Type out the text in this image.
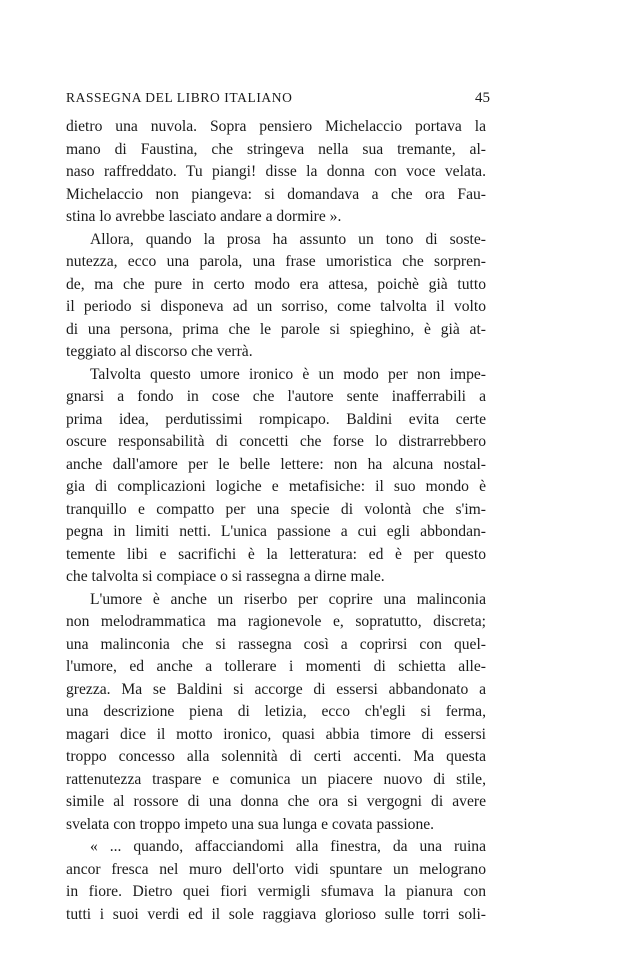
RASSEGNA DEL LIBRO ITALIANO	45
dietro una nuvola. Sopra pensiero Michelaccio portava la
mano di Faustina, che stringeva nella sua tremante, al-
naso raffreddato. Tu piangi! disse la donna con voce velata.
Michelaccio non piangeva: si domandava a che ora Fau-
stina lo avrebbe lasciato andare a dormire ».
Allora, quando la prosa ha assunto un tono di soste-
nutezza, ecco una parola, una frase umoristica che sorpren-
de, ma che pure in certo modo era attesa, poichè già tutto
il periodo si disponeva ad un sorriso, come talvolta il volto
di una persona, prima che le parole si spieghino, è già at-
teggiato al discorso che verrà.
Talvolta questo umore ironico è un modo per non impe-
gnarsi a fondo in cose che l'autore sente inafferrabili a
prima idea, perdutissimi rompicapo. Baldini evita certe
oscure responsabilità di concetti che forse lo distrarrebbero
anche dall'amore per le belle lettere: non ha alcuna nostal-
gia di complicazioni logiche e metafisiche: il suo mondo è
tranquillo e compatto per una specie di volontà che s'im-
pegna in limiti netti. L'unica passione a cui egli abbondan-
temente libi e sacrifichi è la letteratura: ed è per questo
che talvolta si compiace o si rassegna a dirne male.
L'umore è anche un riserbo per coprire una malinconia
non melodrammatica ma ragionevole e, sopratutto, discreta;
una malinconia che si rassegna così a coprirsi con quel-
l'umore, ed anche a tollerare i momenti di schietta alle-
grezza. Ma se Baldini si accorge di essersi abbandonato a
una descrizione piena di letizia, ecco ch'egli si ferma,
magari dice il motto ironico, quasi abbia timore di essersi
troppo concesso alla solennità di certi accenti. Ma questa
rattenutezza traspare e comunica un piacere nuovo di stile,
simile al rossore di una donna che ora si vergogni di avere
svelata con troppo impeto una sua lunga e covata passione.
« ... quando, affacciandomi alla finestra, da una ruina
ancor fresca nel muro dell'orto vidi spuntare un melograno
in fiore. Dietro quei fiori vermigli sfumava la pianura con
tutti i suoi verdi ed il sole raggiava glorioso sulle torri soli-
